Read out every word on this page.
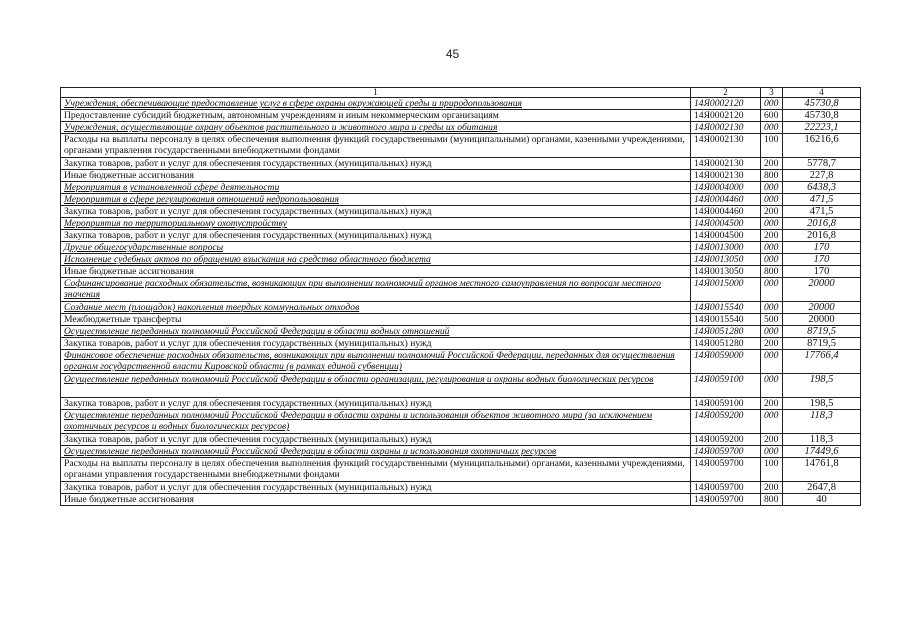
45
1	2	3	4
Учреждения, обеспечивающие предоставление услуг в сфере охраны окружающей среды и природопользования	14Я0002120	000	45730,8
Предоставление субсидий бюджетным, автономным учреждениям и иным некоммерческим организациям	14Я0002120	600	45730,8
Учреждения, осуществляющие охрану объектов растительного и животного мира и среды их обитания	14Я0002130	000	22223,1
Расходы на выплаты персоналу в целях обеспечения выполнения функций государственными (муниципальными) органами, казенными учреждениями, органами управления государственными внебюджетными фондами	14Я0002130	100	16216,6
Закупка товаров, работ и услуг для обеспечения государственных (муниципальных) нужд	14Я0002130	200	5778,7
Иные бюджетные ассигнования	14Я0002130	800	227,8
Мероприятия в установленной сфере деятельности	14Я0004000	000	6438,3
Мероприятия в сфере регулирования отношений недропользования	14Я0004460	000	471,5
Закупка товаров, работ и услуг для обеспечения государственных (муниципальных) нужд	14Я0004460	200	471,5
Мероприятия по территориальному охотустройству	14Я0004500	000	2016,8
Закупка товаров, работ и услуг для обеспечения государственных (муниципальных) нужд	14Я0004500	200	2016,8
Другие общегосударственные вопросы	14Я0013000	000	170
Исполнение судебных актов по обращению взыскания на средства областного бюджета	14Я0013050	000	170
Иные бюджетные ассигнования	14Я0013050	800	170
Софинансирование расходных обязательств, возникающих при выполнении полномочий органов местного самоуправления по вопросам местного значения	14Я0015000	000	20000
Создание мест (площадок) накопления твердых коммунальных отходов	14Я0015540	000	20000
Межбюджетные трансферты	14Я0015540	500	20000
Осуществление переданных полномочий Российской Федерации в области водных отношений	14Я0051280	000	8719,5
Закупка товаров, работ и услуг для обеспечения государственных (муниципальных) нужд	14Я0051280	200	8719,5
Финансовое обеспечение расходных обязательств, возникающих при выполнении полномочий Российской Федерации, переданных для осуществления органам государственной власти Кировской области (в рамках единой субвенции)	14Я0059000	000	17766,4
Осуществление переданных полномочий Российской Федерации в области организации, регулирования и охраны водных биологических ресурсов	14Я0059100	000	198,5
Закупка товаров, работ и услуг для обеспечения государственных (муниципальных) нужд	14Я0059100	200	198,5
Осуществление переданных полномочий Российской Федерации в области охраны и использования объектов животного мира (за исключением охотничьих ресурсов и водных биологических ресурсов)	14Я0059200	000	118,3
Закупка товаров, работ и услуг для обеспечения государственных (муниципальных) нужд	14Я0059200	200	118,3
Осуществление переданных полномочий Российской Федерации в области охраны и использования охотничьих ресурсов	14Я0059700	000	17449,6
Расходы на выплаты персоналу в целях обеспечения выполнения функций государственными (муниципальными) органами, казенными учреждениями, органами управления государственными внебюджетными фондами	14Я0059700	100	14761,8
Закупка товаров, работ и услуг для обеспечения государственных (муниципальных) нужд	14Я0059700	200	2647,8
Иные бюджетные ассигнования	14Я0059700	800	40
